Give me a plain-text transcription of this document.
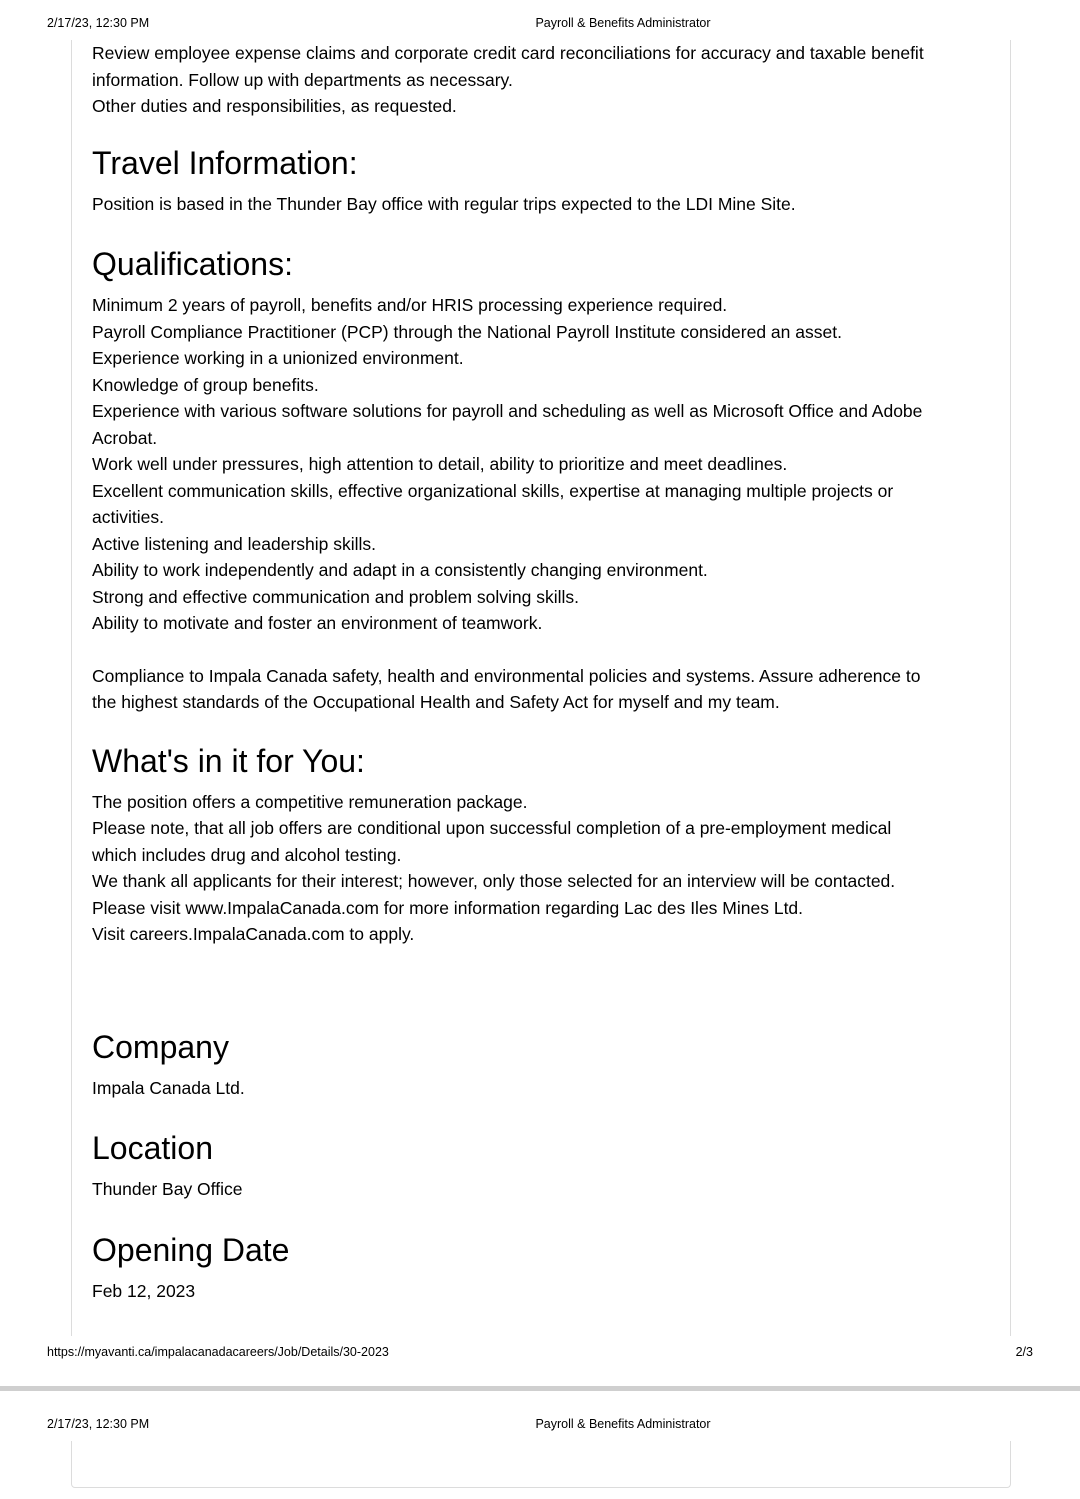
2/17/23, 12:30 PM	Payroll & Benefits Administrator

Review employee expense claims and corporate credit card reconciliations for accuracy and taxable benefit

information. Follow up with departments as necessary.

Other duties and responsibilities, as requested.

Travel Information:

Position is based in the Thunder Bay office with regular trips expected to the LDI Mine Site.

Qualifications:

Minimum 2 years of payroll, benefits and/or HRIS processing experience required.

Payroll Compliance Practitioner (PCP) through the National Payroll Institute considered an asset.

Experience working in a unionized environment.

Knowledge of group benefits.

Experience with various software solutions for payroll and scheduling as well as Microsoft Office and Adobe

Acrobat.

Work well under pressures, high attention to detail, ability to prioritize and meet deadlines.

Excellent communication skills, effective organizational skills, expertise at managing multiple projects or

activities.

Active listening and leadership skills.

Ability to work independently and adapt in a consistently changing environment.

Strong and effective communication and problem solving skills.

Ability to motivate and foster an environment of teamwork.

Compliance to Impala Canada safety, health and environmental policies and systems. Assure adherence to

the highest standards of the Occupational Health and Safety Act for myself and my team.

What's in it for You:

The position offers a competitive remuneration package.

Please note, that all job offers are conditional upon successful completion of a pre-employment medical

which includes drug and alcohol testing.

We thank all applicants for their interest; however, only those selected for an interview will be contacted.

Please visit www.ImpalaCanada.com for more information regarding Lac des Iles Mines Ltd.

Visit careers.ImpalaCanada.com to apply.

Company

Impala Canada Ltd.

Location

Thunder Bay Office

Opening Date

Feb 12, 2023

https://myavanti.ca/impalacanadacareers/Job/Details/30-2023	2/3
2/17/23, 12:30 PM	Payroll & Benefits Administrator
